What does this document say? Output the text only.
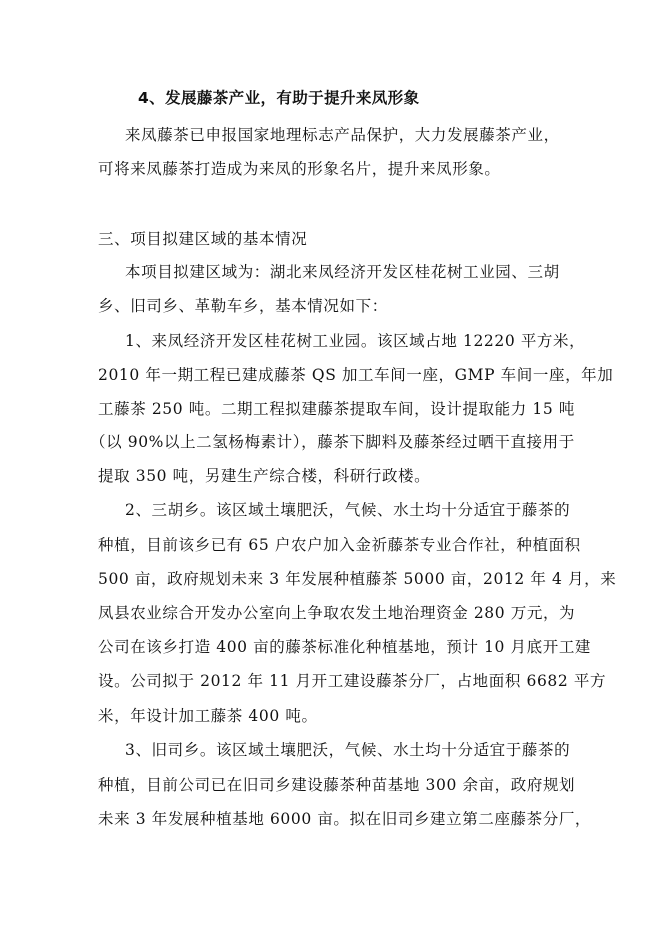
4、发展藤茶产业，有助于提升来凤形象
来凤藤茶已申报国家地理标志产品保护，大力发展藤茶产业，
可将来凤藤茶打造成为来凤的形象名片，提升来凤形象。
三、项目拟建区域的基本情况
本项目拟建区域为：湖北来凤经济开发区桂花树工业园、三胡
乡、旧司乡、革勒车乡，基本情况如下：
1、来凤经济开发区桂花树工业园。该区域占地 12220 平方米，
2010 年一期工程已建成藤茶 QS 加工车间一座，GMP 车间一座，年加
工藤茶 250 吨。二期工程拟建藤茶提取车间，设计提取能力 15 吨
（以 90%以上二氢杨梅素计），藤茶下脚料及藤茶经过晒干直接用于
提取 350 吨，另建生产综合楼，科研行政楼。
2、三胡乡。该区域土壤肥沃，气候、水土均十分适宜于藤茶的
种植，目前该乡已有 65 户农户加入金祈藤茶专业合作社，种植面积
500 亩，政府规划未来 3 年发展种植藤茶 5000 亩，2012 年 4 月，来
凤县农业综合开发办公室向上争取农发土地治理资金 280 万元，为
公司在该乡打造 400 亩的藤茶标准化种植基地，预计 10 月底开工建
设。公司拟于 2012 年 11 月开工建设藤茶分厂，占地面积 6682 平方
米，年设计加工藤茶 400 吨。
3、旧司乡。该区域土壤肥沃，气候、水土均十分适宜于藤茶的
种植，目前公司已在旧司乡建设藤茶种苗基地 300 余亩，政府规划
未来 3 年发展种植基地 6000 亩。拟在旧司乡建立第二座藤茶分厂，
